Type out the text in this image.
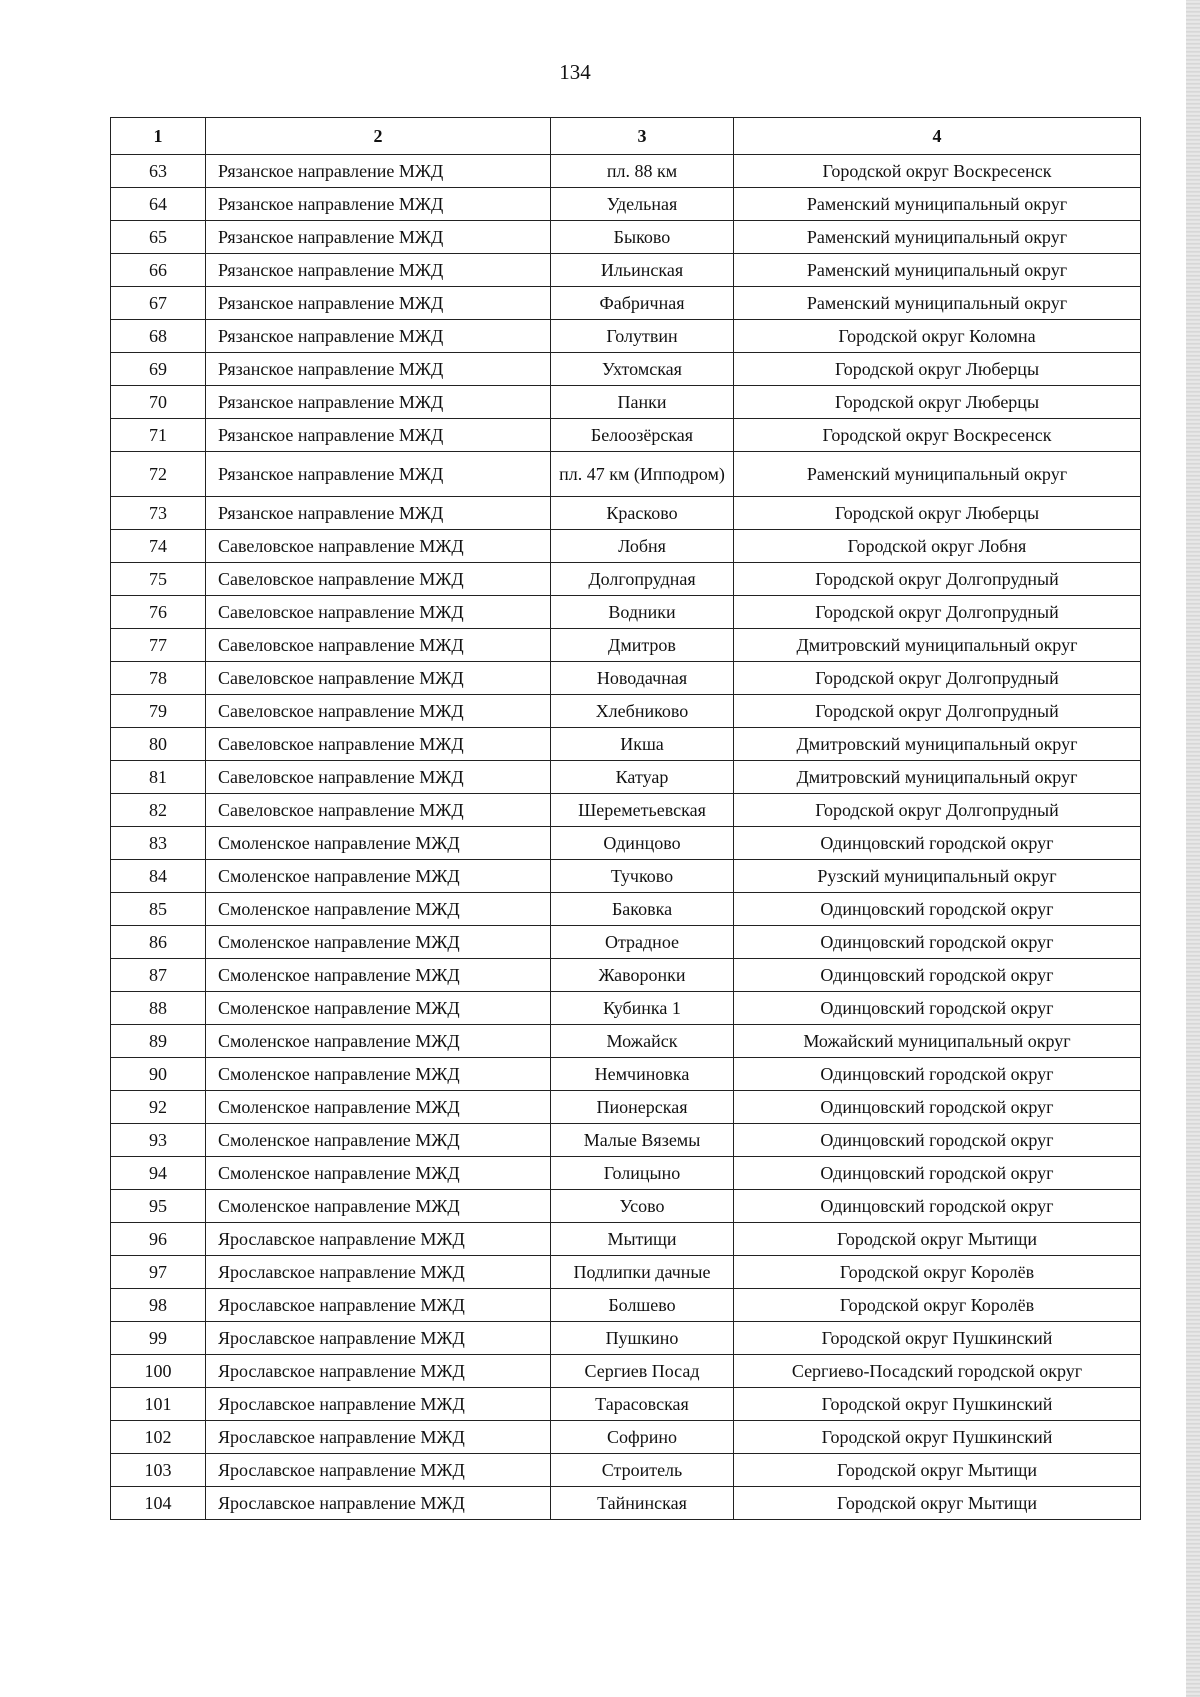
134
1	2	3	4
63	Рязанское направление МЖД	пл. 88 км	Городской округ Воскресенск
64	Рязанское направление МЖД	Удельная	Раменский муниципальный округ
65	Рязанское направление МЖД	Быково	Раменский муниципальный округ
66	Рязанское направление МЖД	Ильинская	Раменский муниципальный округ
67	Рязанское направление МЖД	Фабричная	Раменский муниципальный округ
68	Рязанское направление МЖД	Голутвин	Городской округ Коломна
69	Рязанское направление МЖД	Ухтомская	Городской округ Люберцы
70	Рязанское направление МЖД	Панки	Городской округ Люберцы
71	Рязанское направление МЖД	Белоозёрская	Городской округ Воскресенск
72	Рязанское направление МЖД	пл. 47 км (Ипподром)	Раменский муниципальный округ
73	Рязанское направление МЖД	Красково	Городской округ Люберцы
74	Савеловское направление МЖД	Лобня	Городской округ Лобня
75	Савеловское направление МЖД	Долгопрудная	Городской округ Долгопрудный
76	Савеловское направление МЖД	Водники	Городской округ Долгопрудный
77	Савеловское направление МЖД	Дмитров	Дмитровский муниципальный округ
78	Савеловское направление МЖД	Новодачная	Городской округ Долгопрудный
79	Савеловское направление МЖД	Хлебниково	Городской округ Долгопрудный
80	Савеловское направление МЖД	Икша	Дмитровский муниципальный округ
81	Савеловское направление МЖД	Катуар	Дмитровский муниципальный округ
82	Савеловское направление МЖД	Шереметьевская	Городской округ Долгопрудный
83	Смоленское направление МЖД	Одинцово	Одинцовский городской округ
84	Смоленское направление МЖД	Тучково	Рузский муниципальный округ
85	Смоленское направление МЖД	Баковка	Одинцовский городской округ
86	Смоленское направление МЖД	Отрадное	Одинцовский городской округ
87	Смоленское направление МЖД	Жаворонки	Одинцовский городской округ
88	Смоленское направление МЖД	Кубинка 1	Одинцовский городской округ
89	Смоленское направление МЖД	Можайск	Можайский муниципальный округ
90	Смоленское направление МЖД	Немчиновка	Одинцовский городской округ
92	Смоленское направление МЖД	Пионерская	Одинцовский городской округ
93	Смоленское направление МЖД	Малые Вяземы	Одинцовский городской округ
94	Смоленское направление МЖД	Голицыно	Одинцовский городской округ
95	Смоленское направление МЖД	Усово	Одинцовский городской округ
96	Ярославское направление МЖД	Мытищи	Городской округ Мытищи
97	Ярославское направление МЖД	Подлипки дачные	Городской округ Королёв
98	Ярославское направление МЖД	Болшево	Городской округ Королёв
99	Ярославское направление МЖД	Пушкино	Городской округ Пушкинский
100	Ярославское направление МЖД	Сергиев Посад	Сергиево-Посадский городской округ
101	Ярославское направление МЖД	Тарасовская	Городской округ Пушкинский
102	Ярославское направление МЖД	Софрино	Городской округ Пушкинский
103	Ярославское направление МЖД	Строитель	Городской округ Мытищи
104	Ярославское направление МЖД	Тайнинская	Городской округ Мытищи
